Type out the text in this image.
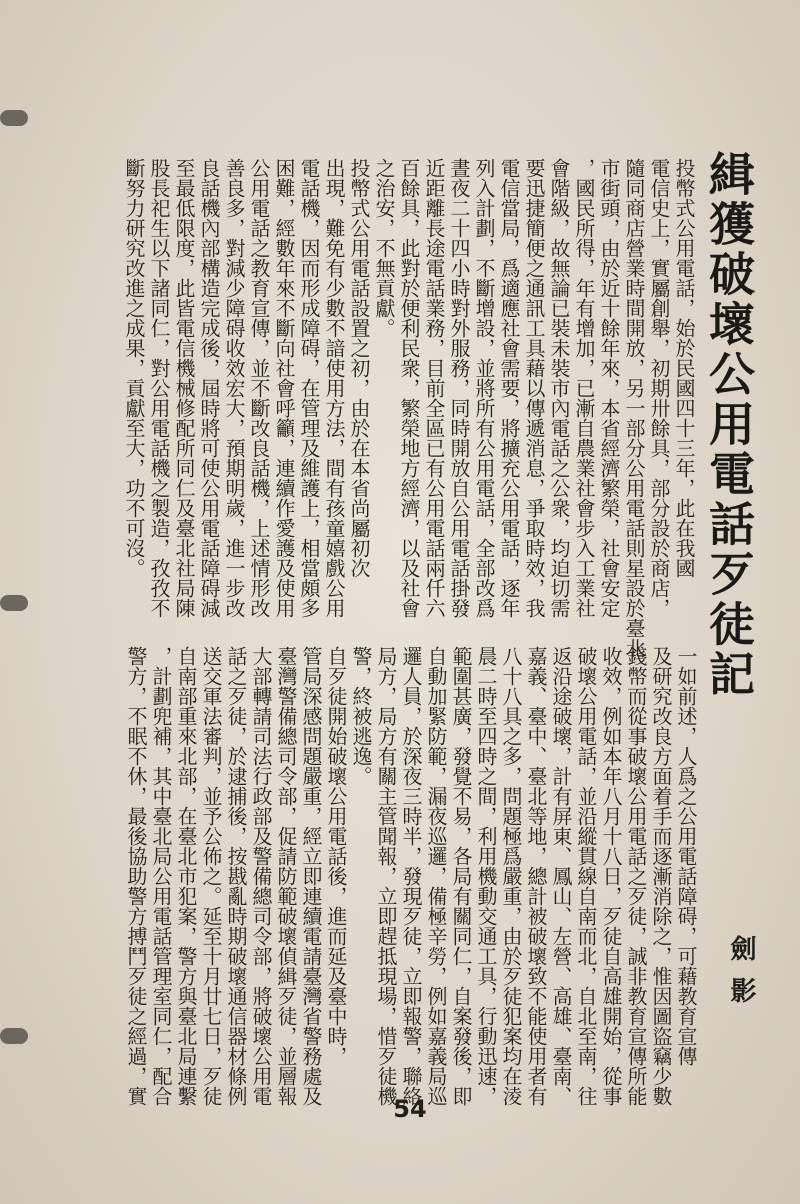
緝獲破壞公用電話歹徒記
劍影
投幣式公用電話，始於民國四十三年，此在我國
電信史上，實屬創舉，初期卅餘具，部分設於商店，
隨同商店營業時間開放，另一部分公用電話則星設於臺北
市街頭，由於近十餘年來，本省經濟繁榮，社會安定
，國民所得，年有增加，已漸自農業社會步入工業社
會階級，故無論已裝未裝市內電話之公衆，均迫切需
要迅捷簡便之通訊工具藉以傳遞消息，爭取時效，我
電信當局，爲適應社會需要，將擴充公用電話，逐年
列入計劃，不斷增設，並將所有公用電話，全部改爲
晝夜二十四小時對外服務，同時開放自公用電話掛發
近距離長途電話業務，目前全區已有公用電話兩仟六
百餘具，此對於便利民衆，繁榮地方經濟，以及社會
之治安，不無貢獻。
投幣式公用電話設置之初，由於在本省尚屬初次
出現，難免有少數不諳使用方法，間有孩童嬉戲公用
電話機，因而形成障碍，在管理及維護上，相當頗多
困難，經數年來不斷向社會呼籲，連續作愛護及使用
公用電話之教育宣傳，並不斷改良話機，上述情形改
善良多，對減少障碍收效宏大，預期明歲，進一步改
良話機內部構造完成後，屆時將可使公用電話障碍減
至最低限度，此皆電信機械修配所同仁及臺北社局陳
股長祀生以下諸同仁，對公用電話機之製造，孜孜不
斷努力研究改進之成果，貢獻至大，功不可沒。
一如前述，人爲之公用電話障碍，可藉教育宣傳
及研究改良方面着手而逐漸消除之，惟因圖盜竊少數
錢幣而從事破壞公用電話之歹徒，誠非教育宣傳所能
收效，例如本年八月十八日，歹徒自高雄開始，從事
破壞公用電話，並沿縱貫線自南而北，自北至南，往
返沿途破壞，計有屏東、鳳山、左營、高雄、臺南、
嘉義、臺中、臺北等地，總計被破壞致不能使用者有
八十八具之多，問題極爲嚴重，由於歹徒犯案均在淩
晨二時至四時之間，利用機動交通工具，行動迅速，
範圍甚廣，發覺不易，各局有關同仁，自案發後，即
自動加緊防範，漏夜巡邏，備極辛勞，例如嘉義局巡
邏人員，於深夜三時半，發現歹徒，立即報警，聯絡
局方，局方有關主管聞報，立即趕抵現場，惜歹徒機
警，終被逃逸。
自歹徒開始破壞公用電話後，進而延及臺中時，
管局深感問題嚴重，經立即連續電請臺灣省警務處及
臺灣警備總司令部，促請防範破壞偵緝歹徒，並層報
大部轉請司法行政部及警備總司令部，將破壞公用電
話之歹徒，於逮捕後，按戡亂時期破壞通信器材條例
送交軍法審判，並予公佈之。延至十月廿七日，歹徒
自南部重來北部，在臺北市犯案，警方與臺北局連繫
，計劃兜補，其中臺北局公用電話管理室同仁，配合
警方，不眠不休，最後協助警方搏鬥歹徒之經過，實
54
